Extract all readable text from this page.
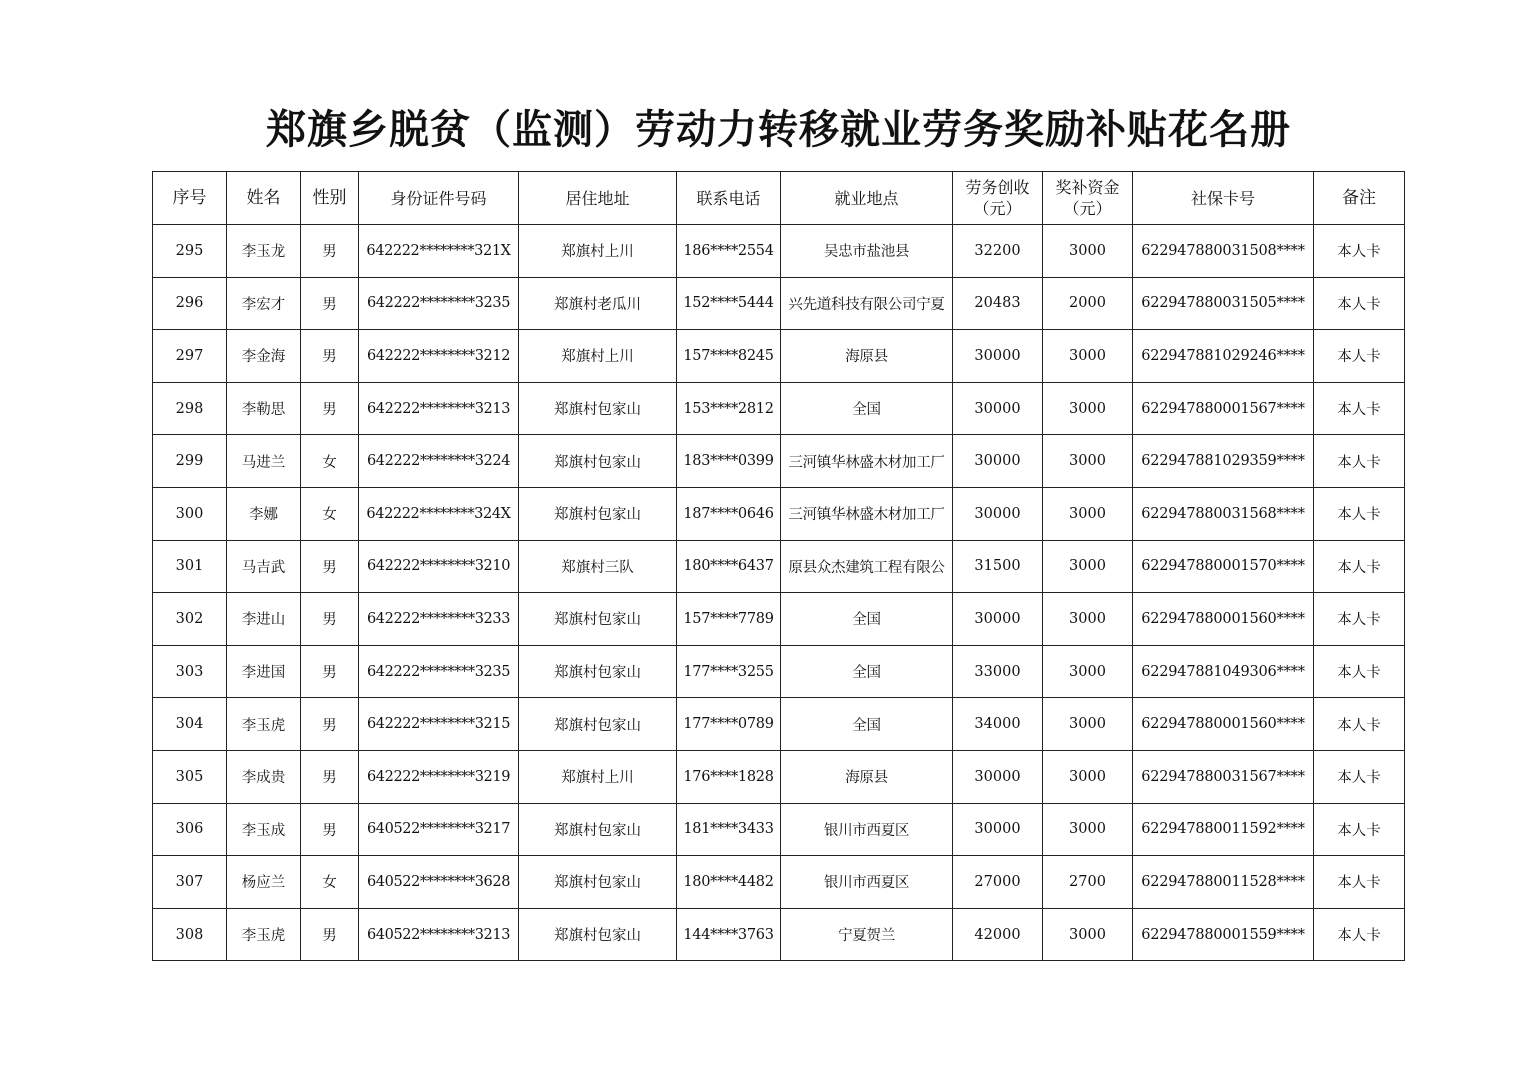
郑旗乡脱贫（监测）劳动力转移就业劳务奖励补贴花名册
序号	姓名	性别	身份证件号码	居住地址	联系电话	就业地点	劳务创收（元）	奖补资金（元）	社保卡号	备注
295	李玉龙	男	642222********321X	郑旗村上川	186****2554	吴忠市盐池县	32200	3000	622947880031508****	本人卡
296	李宏才	男	642222********3235	郑旗村老瓜川	152****5444	兴先道科技有限公司宁夏	20483	2000	622947880031505****	本人卡
297	李金海	男	642222********3212	郑旗村上川	157****8245	海原县	30000	3000	622947881029246****	本人卡
298	李勒思	男	642222********3213	郑旗村包家山	153****2812	全国	30000	3000	622947880001567****	本人卡
299	马进兰	女	642222********3224	郑旗村包家山	183****0399	三河镇华林盛木材加工厂	30000	3000	622947881029359****	本人卡
300	李娜	女	642222********324X	郑旗村包家山	187****0646	三河镇华林盛木材加工厂	30000	3000	622947880031568****	本人卡
301	马吉武	男	642222********3210	郑旗村三队	180****6437	原县众杰建筑工程有限公	31500	3000	622947880001570****	本人卡
302	李进山	男	642222********3233	郑旗村包家山	157****7789	全国	30000	3000	622947880001560****	本人卡
303	李进国	男	642222********3235	郑旗村包家山	177****3255	全国	33000	3000	622947881049306****	本人卡
304	李玉虎	男	642222********3215	郑旗村包家山	177****0789	全国	34000	3000	622947880001560****	本人卡
305	李成贵	男	642222********3219	郑旗村上川	176****1828	海原县	30000	3000	622947880031567****	本人卡
306	李玉成	男	640522********3217	郑旗村包家山	181****3433	银川市西夏区	30000	3000	622947880011592****	本人卡
307	杨应兰	女	640522********3628	郑旗村包家山	180****4482	银川市西夏区	27000	2700	622947880011528****	本人卡
308	李玉虎	男	640522********3213	郑旗村包家山	144****3763	宁夏贺兰	42000	3000	622947880001559****	本人卡
